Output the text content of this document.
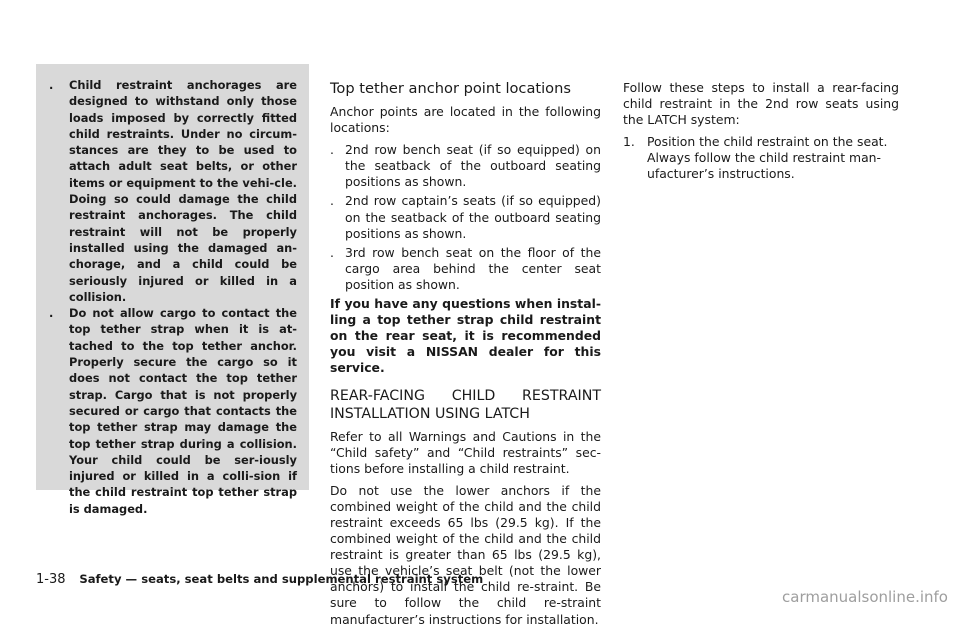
.	Child restraint anchorages are designed to withstand only those loads imposed by correctly fitted child restraints. Under no circum-stances are they to be used to attach adult seat belts, or other items or equipment to the vehi-cle. Doing so could damage the child restraint anchorages. The child restraint will not be properly installed using the damaged an-chorage, and a child could be seriously injured or killed in a collision.
.	Do not allow cargo to contact the top tether strap when it is at-tached to the top tether anchor. Properly secure the cargo so it does not contact the top tether strap. Cargo that is not properly secured or cargo that contacts the top tether strap may damage the top tether strap during a collision. Your child could be ser-iously injured or killed in a colli-sion if the child restraint top tether strap is damaged.
Top tether anchor point locations

Anchor points are located in the following locations:

. 2nd row bench seat (if so equipped) on the seatback of the outboard seating positions as shown.
. 2nd row captain’s seats (if so equipped) on the seatback of the outboard seating positions as shown.
. 3rd row bench seat on the floor of the cargo area behind the center seat position as shown.

If you have any questions when instal-ling a top tether strap child restraint on the rear seat, it is recommended you visit a NISSAN dealer for this service.

REAR-FACING CHILD RESTRAINT INSTALLATION USING LATCH

Refer to all Warnings and Cautions in the “Child safety” and “Child restraints” sec-tions before installing a child restraint.

Do not use the lower anchors if the combined weight of the child and the child restraint exceeds 65 lbs (29.5 kg). If the combined weight of the child and the child restraint is greater than 65 lbs (29.5 kg), use the vehicle’s seat belt (not the lower anchors) to install the child re-straint. Be sure to follow the child re-straint manufacturer’s instructions for installation.

Follow these steps to install a rear-facing child restraint in the 2nd row seats using the LATCH system:

1. Position the child restraint on the seat. Always follow the child restraint man-ufacturer’s instructions.
1-38 Safety — seats, seat belts and supplemental restraint system
carmanualsonline.info
